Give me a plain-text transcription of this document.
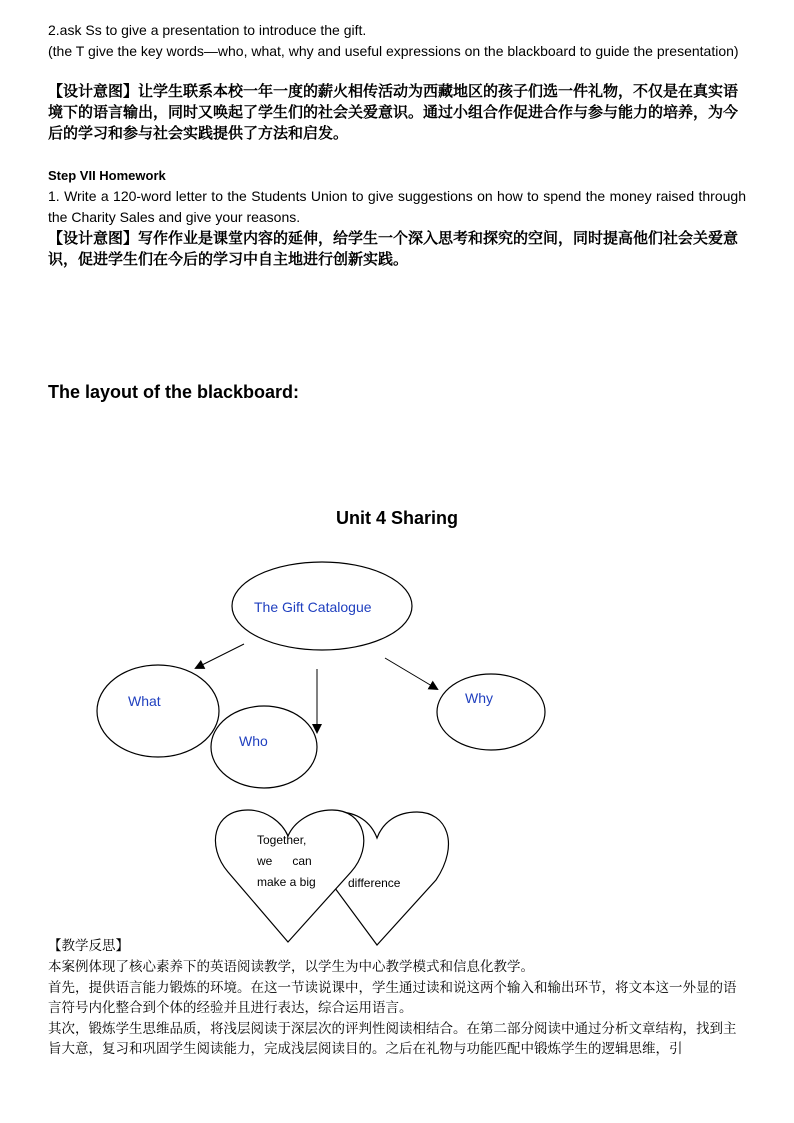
2.ask Ss to give a presentation to introduce the gift.
(the T give the key words—who, what, why and useful expressions on the blackboard to guide the presentation)
【设计意图】让学生联系本校一年一度的薪火相传活动为西藏地区的孩子们选一件礼物，不仅是在真实语境下的语言输出，同时又唤起了学生们的社会关爱意识。通过小组合作促进合作与参与能力的培养，为今后的学习和参与社会实践提供了方法和启发。
Step VII Homework
1. Write a 120-word letter to the Students Union to give suggestions on how to spend the money raised through the Charity Sales and give your reasons.
【设计意图】写作作业是课堂内容的延伸，给学生一个深入思考和探究的空间，同时提高他们社会关爱意识，促进学生们在今后的学习中自主地进行创新实践。
The layout of the blackboard:
Unit 4 Sharing
The Gift Catalogue
What
Who
Why
difference
Together,
we      can
make a big
【教学反思】
本案例体现了核心素养下的英语阅读教学，以学生为中心教学模式和信息化教学。
首先，提供语言能力锻炼的环境。在这一节读说课中，学生通过读和说这两个输入和输出环节，将文本这一外显的语言符号内化整合到个体的经验并且进行表达，综合运用语言。
其次，锻炼学生思维品质，将浅层阅读于深层次的评判性阅读相结合。在第二部分阅读中通过分析文章结构，找到主旨大意，复习和巩固学生阅读能力，完成浅层阅读目的。之后在礼物与功能匹配中锻炼学生的逻辑思维，引
